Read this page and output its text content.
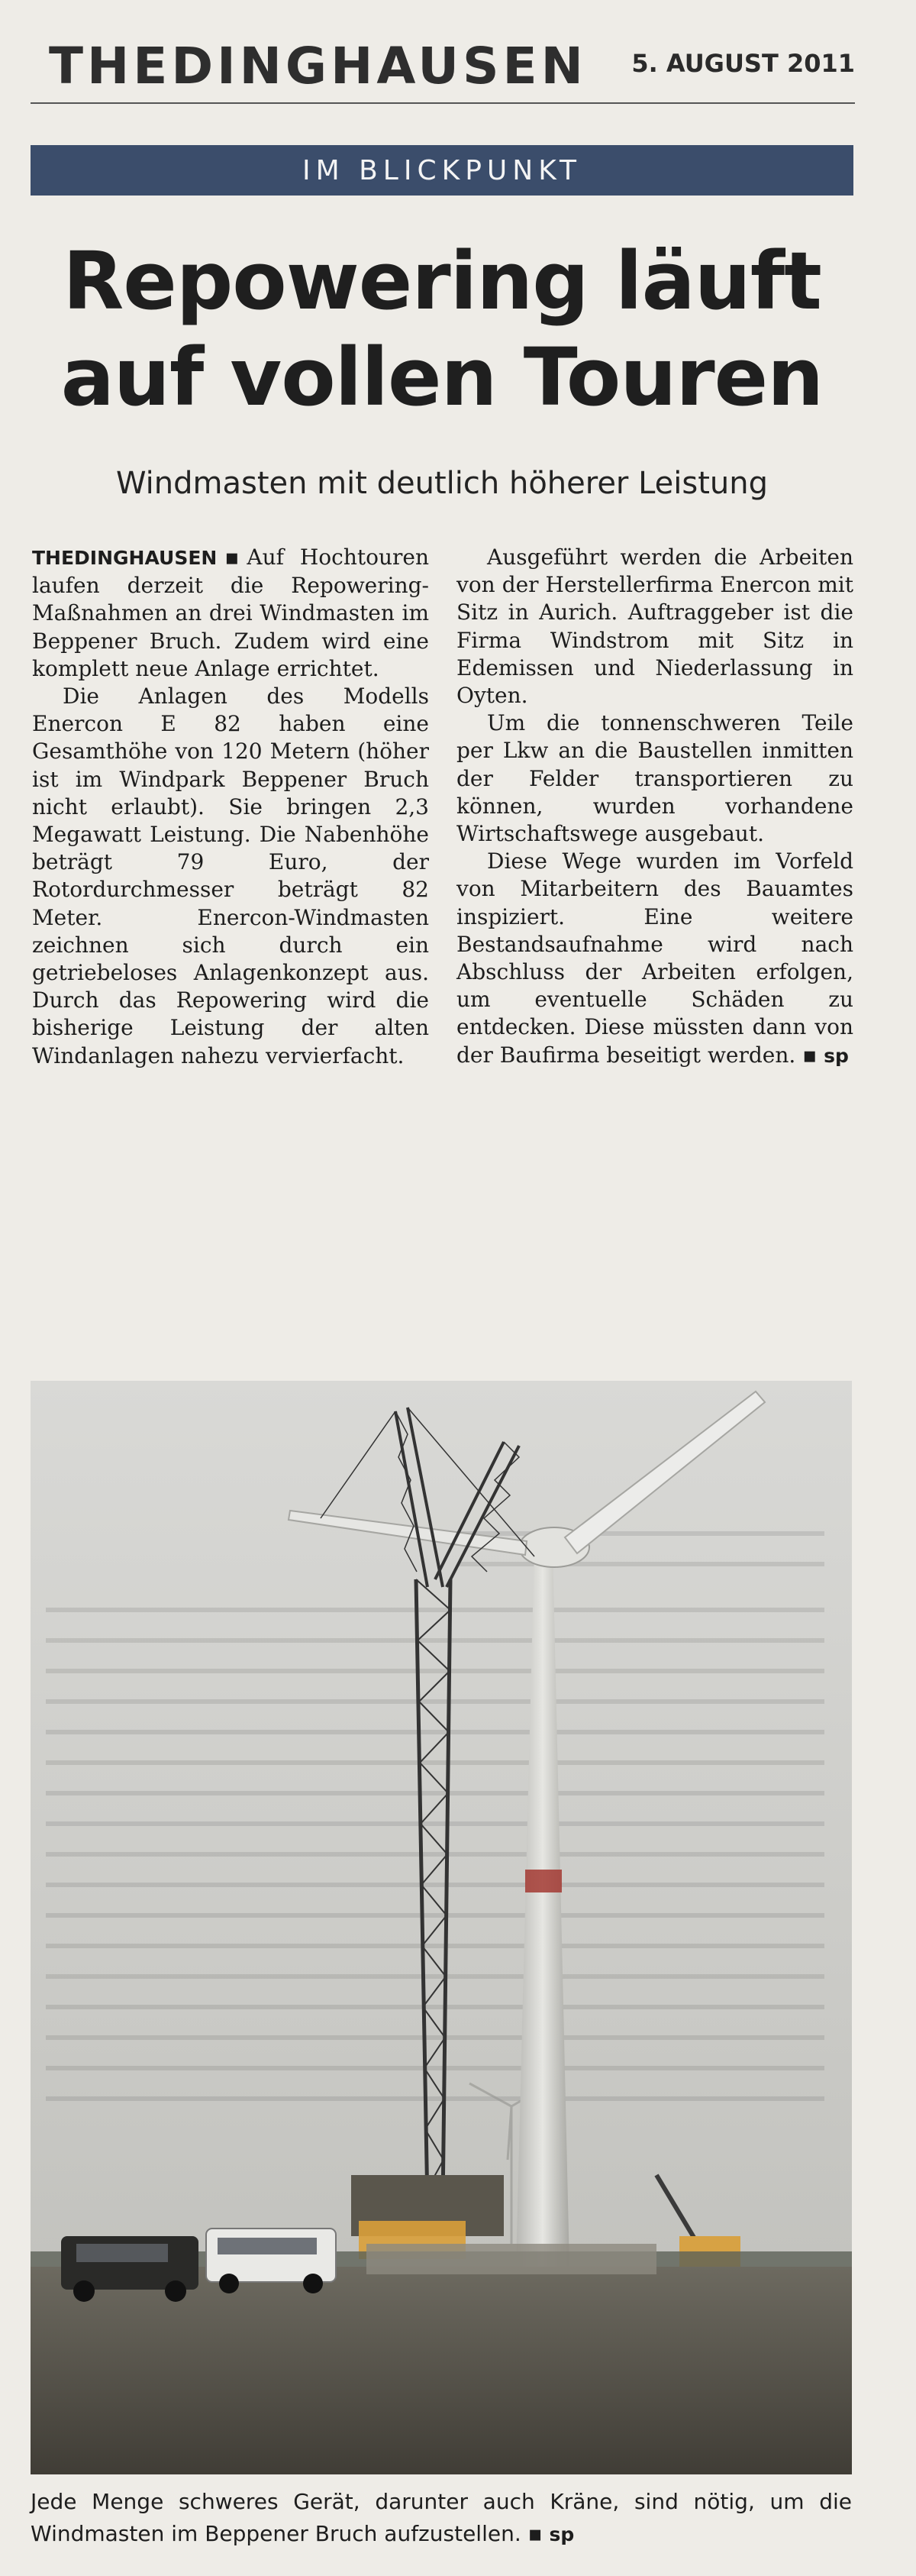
THEDINGHAUSEN 5. AUGUST 2011
IM BLICKPUNKT
Repowering läuft
auf vollen Touren
Windmasten mit deutlich höherer Leistung

THEDINGHAUSEN ▪ Auf Hochtouren laufen derzeit die Repowering-Maßnahmen an drei Windmasten im Beppener Bruch. Zudem wird eine komplett neue Anlage errichtet.

Die Anlagen des Modells Enercon E 82 haben eine Gesamthöhe von 120 Metern (höher ist im Windpark Beppener Bruch nicht erlaubt). Sie bringen 2,3 Megawatt Leistung. Die Nabenhöhe beträgt 79 Euro, der Rotordurchmesser beträgt 82 Meter. Enercon-Windmasten zeichnen sich durch ein getriebeloses Anlagenkonzept aus. Durch das Repowering wird die bisherige Leistung der alten Windanlagen nahezu vervierfacht.

Ausgeführt werden die Arbeiten von der Herstellerfirma Enercon mit Sitz in Aurich. Auftraggeber ist die Firma Windstrom mit Sitz in Edemissen und Niederlassung in Oyten.

Um die tonnenschweren Teile per Lkw an die Baustellen inmitten der Felder transportieren zu können, wurden vorhandene Wirtschaftswege ausgebaut.

Diese Wege wurden im Vorfeld von Mitarbeitern des Bauamtes inspiziert. Eine weitere Bestandsaufnahme wird nach Abschluss der Arbeiten erfolgen, um eventuelle Schäden zu entdecken. Diese müssten dann von der Baufirma beseitigt werden. ▪ sp

Jede Menge schweres Gerät, darunter auch Kräne, sind nötig, um die Windmasten im Beppener Bruch aufzustellen. ▪ sp
